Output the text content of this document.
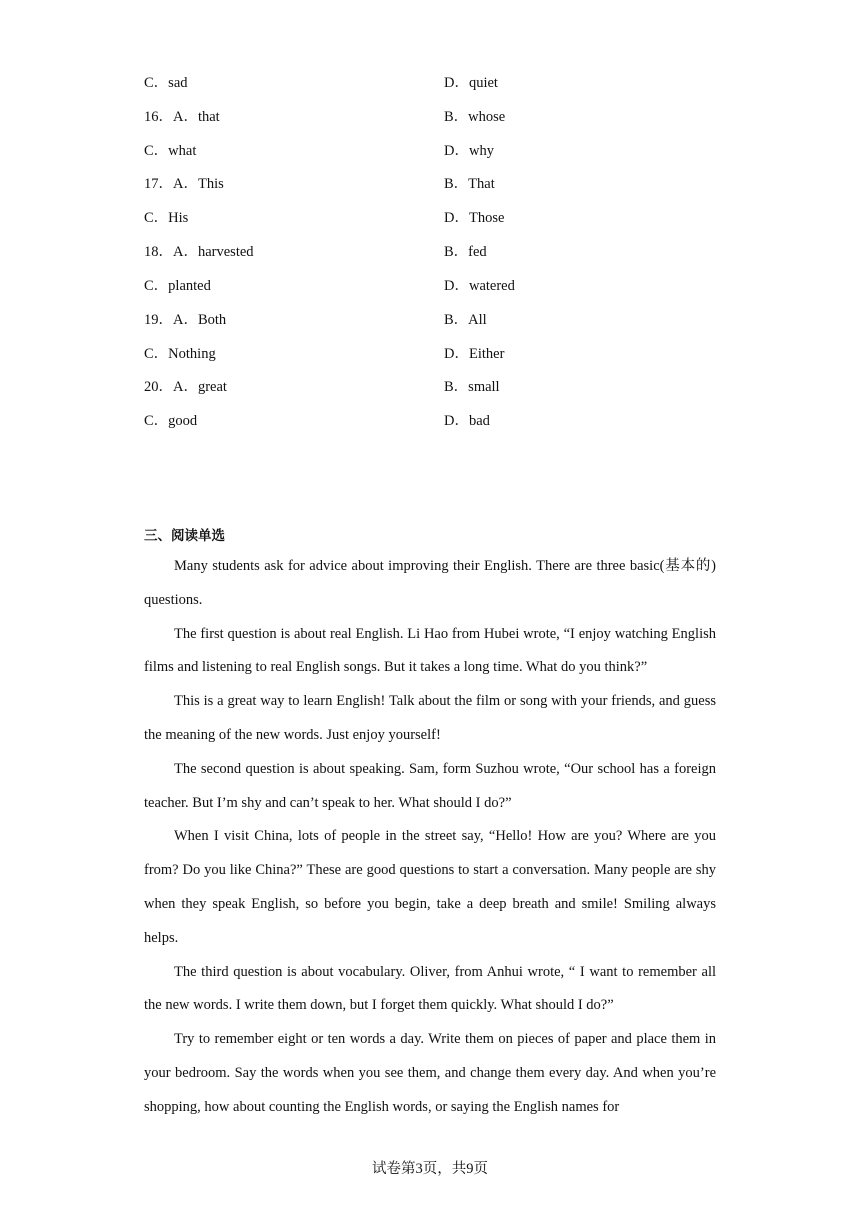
C．sad	D．quiet
16．A．that	B．whose
C．what	D．why
17．A．This	B．That
C．His	D．Those
18．A．harvested	B．fed
C．planted	D．watered
19．A．Both	B．All
C．Nothing	D．Either
20．A．great	B．small
C．good	D．bad
三、阅读单选

Many students ask for advice about improving their English. There are three basic(基本的) questions.

The first question is about real English. Li Hao from Hubei wrote, “I enjoy watching English films and listening to real English songs. But it takes a long time. What do you think?”

This is a great way to learn English! Talk about the film or song with your friends, and guess the meaning of the new words. Just enjoy yourself!

The second question is about speaking. Sam, form Suzhou wrote, “Our school has a foreign teacher. But I’m shy and can’t speak to her. What should I do?”

When I visit China, lots of people in the street say, “Hello! How are you? Where are you from? Do you like China?” These are good questions to start a conversation. Many people are shy when they speak English, so before you begin, take a deep breath and smile! Smiling always helps.

The third question is about vocabulary. Oliver, from Anhui wrote, “ I want to remember all the new words. I write them down, but I forget them quickly. What should I do?”

Try to remember eight or ten words a day. Write them on pieces of paper and place them in your bedroom. Say the words when you see them, and change them every day. And when you’re shopping, how about counting the English words, or saying the English names for

试卷第3页，共9页
